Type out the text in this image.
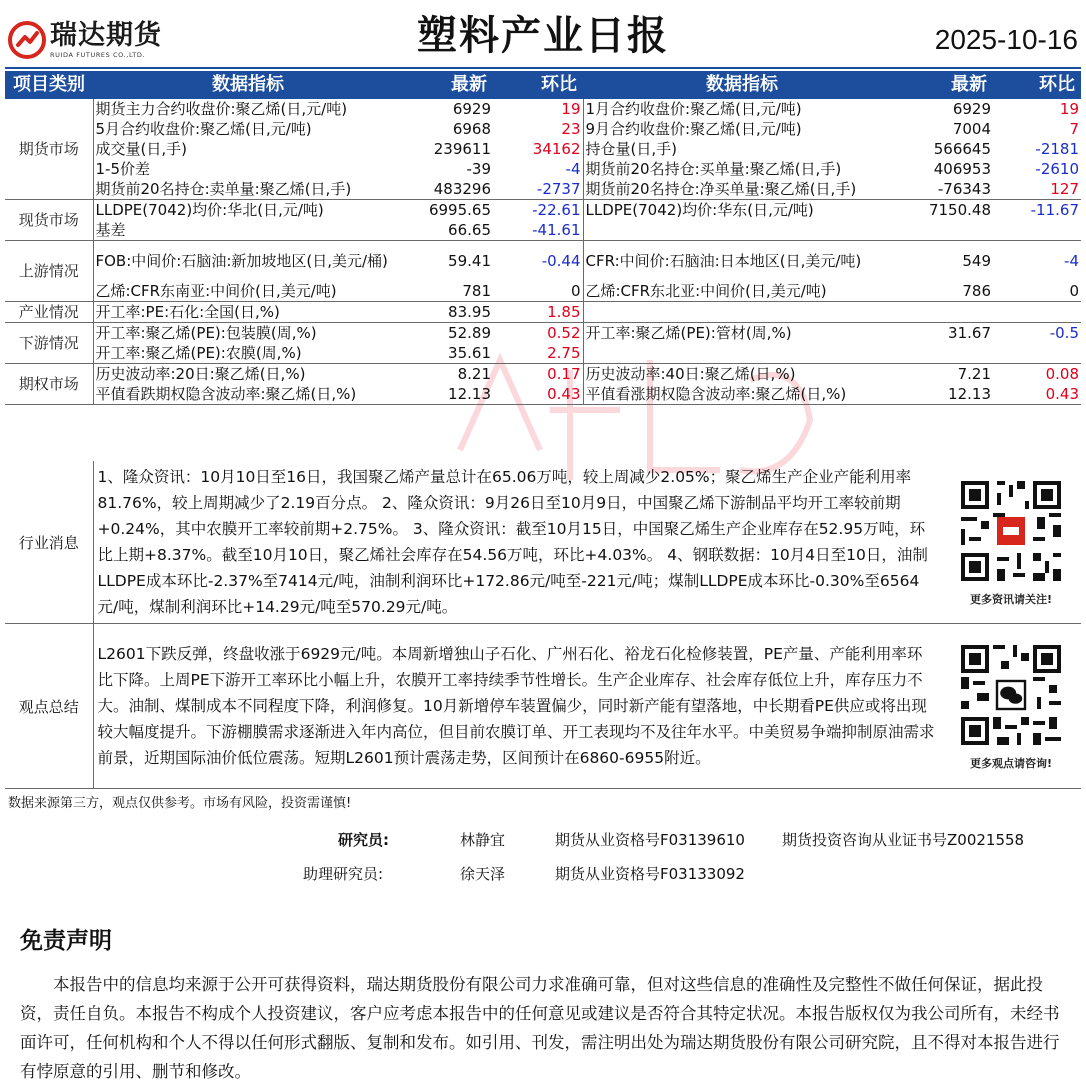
瑞达期货
RUIDA FUTURES CO.,LTD.	塑料产业日报	2025-10-16
项目类别	数据指标	最新	环比	数据指标	最新	环比
期货市场	期货主力合约收盘价:聚乙烯(日,元/吨)	6929	19	1月合约收盘价:聚乙烯(日,元/吨)	6929	19
	5月合约收盘价:聚乙烯(日,元/吨)	6968	23	9月合约收盘价:聚乙烯(日,元/吨)	7004	7
	成交量(日,手)	239611	34162	持仓量(日,手)	566645	-2181
	1-5价差	-39	-4	期货前20名持仓:买单量:聚乙烯(日,手)	406953	-2610
	期货前20名持仓:卖单量:聚乙烯(日,手)	483296	-2737	期货前20名持仓:净买单量:聚乙烯(日,手)	-76343	127
现货市场	LLDPE(7042)均价:华北(日,元/吨)	6995.65	-22.61	LLDPE(7042)均价:华东(日,元/吨)	7150.48	-11.67
	基差	66.65	-41.61			
上游情况	FOB:中间价:石脑油:新加坡地区(日,美元/桶)	59.41	-0.44	CFR:中间价:石脑油:日本地区(日,美元/吨)	549	-4
	乙烯:CFR东南亚:中间价(日,美元/吨)	781	0	乙烯:CFR东北亚:中间价(日,美元/吨)	786	0
产业情况	开工率:PE:石化:全国(日,%)	83.95	1.85			
下游情况	开工率:聚乙烯(PE):包装膜(周,%)	52.89	0.52	开工率:聚乙烯(PE):管材(周,%)	31.67	-0.5
	开工率:聚乙烯(PE):农膜(周,%)	35.61	2.75			
期权市场	历史波动率:20日:聚乙烯(日,%)	8.21	0.17	历史波动率:40日:聚乙烯(日,%)	7.21	0.08
	平值看跌期权隐含波动率:聚乙烯(日,%)	12.13	0.43	平值看涨期权隐含波动率:聚乙烯(日,%)	12.13	0.43
行业消息	1、隆众资讯：10月10日至16日，我国聚乙烯产量总计在65.06万吨，较上周减少2.05%；聚乙烯生产企业产能利用率81.76%，较上周期减少了2.19百分点。 2、隆众资讯：9月26日至10月9日，中国聚乙烯下游制品平均开工率较前期+0.24%，其中农膜开工率较前期+2.75%。 3、隆众资讯：截至10月15日，中国聚乙烯生产企业库存在52.95万吨，环比上期+8.37%。截至10月10日，聚乙烯社会库存在54.56万吨，环比+4.03%。 4、钢联数据：10月4日至10日，油制LLDPE成本环比-2.37%至7414元/吨，油制利润环比+172.86元/吨至-221元/吨；煤制LLDPE成本环比-0.30%至6564元/吨，煤制利润环比+14.29元/吨至570.29元/吨。	更多资讯请关注!

观点总结	L2601下跌反弹，终盘收涨于6929元/吨。本周新增独山子石化、广州石化、裕龙石化检修装置，PE产量、产能利用率环比下降。上周PE下游开工率环比小幅上升，农膜开工率持续季节性增长。生产企业库存、社会库存低位上升，库存压力不大。油制、煤制成本不同程度下降，利润修复。10月新增停车装置偏少，同时新产能有望落地，中长期看PE供应或将出现较大幅度提升。下游棚膜需求逐渐进入年内高位，但目前农膜订单、开工表现均不及往年水平。中美贸易争端抑制原油需求前景，近期国际油价低位震荡。短期L2601预计震荡走势，区间预计在6860-6955附近。	更多观点请咨询!
数据来源第三方，观点仅供参考。市场有风险，投资需谨慎!
研究员:	林静宜	期货从业资格号F03139610 期货投资咨询从业证书号Z0021558
助理研究员:	徐天泽	期货从业资格号F03133092
免责声明
本报告中的信息均来源于公开可获得资料，瑞达期货股份有限公司力求准确可靠，但对这些信息的准确性及完整性不做任何保证，据此投资，责任自负。本报告不构成个人投资建议，客户应考虑本报告中的任何意见或建议是否符合其特定状况。本报告版权仅为我公司所有，未经书面许可，任何机构和个人不得以任何形式翻版、复制和发布。如引用、刊发，需注明出处为瑞达期货股份有限公司研究院，且不得对本报告进行有悖原意的引用、删节和修改。
